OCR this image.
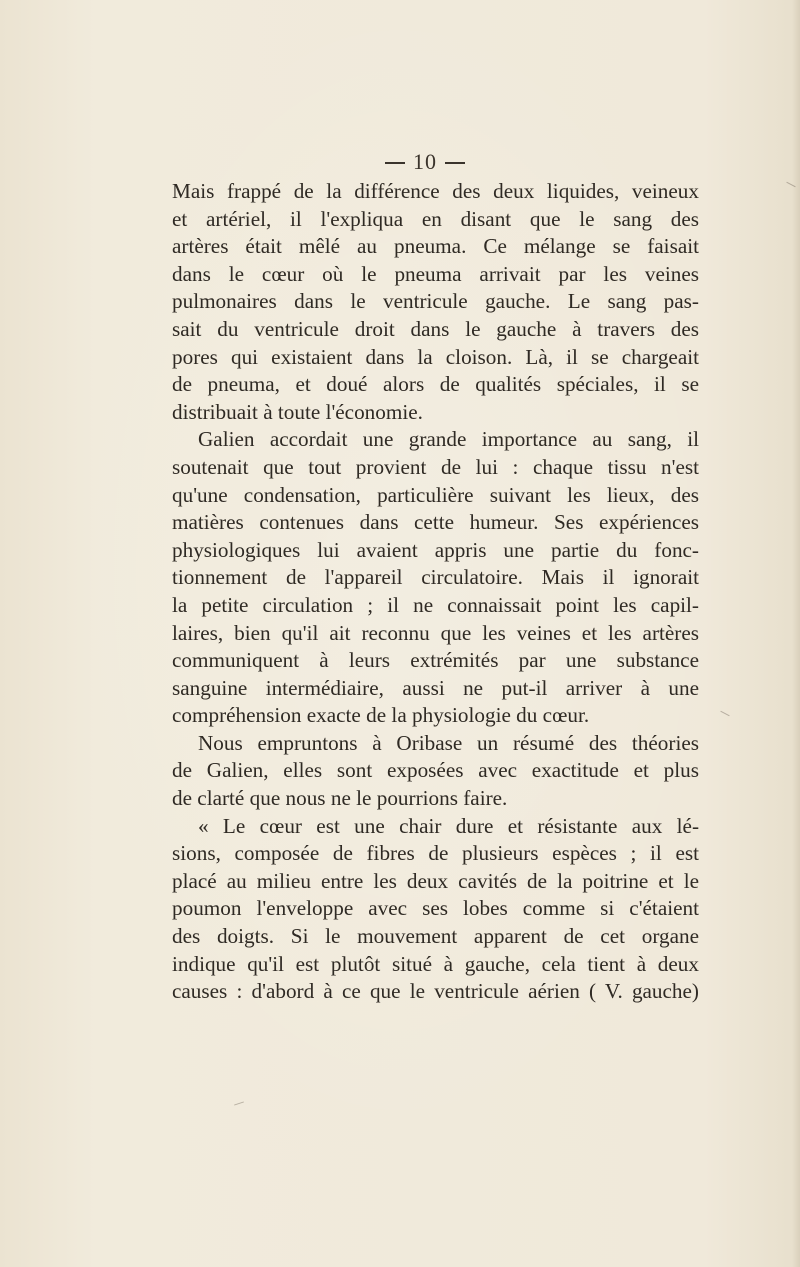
10
Mais frappé de la différence des deux liquides, veineux
et artériel, il l'expliqua en disant que le sang des
artères était mêlé au pneuma. Ce mélange se faisait
dans le cœur où le pneuma arrivait par les veines
pulmonaires dans le ventricule gauche. Le sang pas-
sait du ventricule droit dans le gauche à travers des
pores qui existaient dans la cloison. Là, il se chargeait
de pneuma, et doué alors de qualités spéciales, il se
distribuait à toute l'économie.
Galien accordait une grande importance au sang, il
soutenait que tout provient de lui : chaque tissu n'est
qu'une condensation, particulière suivant les lieux, des
matières contenues dans cette humeur. Ses expériences
physiologiques lui avaient appris une partie du fonc-
tionnement de l'appareil circulatoire. Mais il ignorait
la petite circulation ; il ne connaissait point les capil-
laires, bien qu'il ait reconnu que les veines et les artères
communiquent à leurs extrémités par une substance
sanguine intermédiaire, aussi ne put-il arriver à une
compréhension exacte de la physiologie du cœur.
Nous empruntons à Oribase un résumé des théories
de Galien, elles sont exposées avec exactitude et plus
de clarté que nous ne le pourrions faire.
« Le cœur est une chair dure et résistante aux lé-
sions, composée de fibres de plusieurs espèces ; il est
placé au milieu entre les deux cavités de la poitrine et le
poumon l'enveloppe avec ses lobes comme si c'étaient
des doigts. Si le mouvement apparent de cet organe
indique qu'il est plutôt situé à gauche, cela tient à deux
causes : d'abord à ce que le ventricule aérien ( V. gauche)
